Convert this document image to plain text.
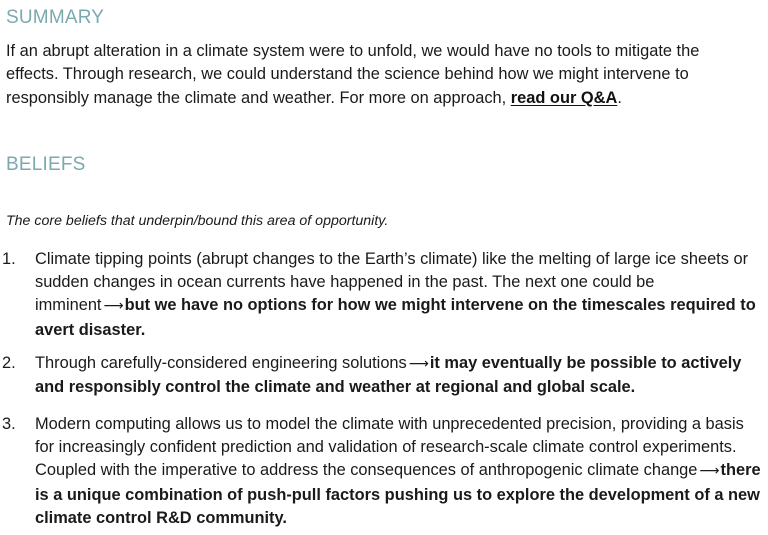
SUMMARY

If an abrupt alteration in a climate system were to unfold, we would have no tools to mitigate the effects. Through research, we could understand the science behind how we might intervene to responsibly manage the climate and weather. For more on approach, read our Q&A.

BELIEFS

The core beliefs that underpin/bound this area of opportunity.

1.	Climate tipping points (abrupt changes to the Earth’s climate) like the melting of large ice sheets or sudden changes in ocean currents have happened in the past. The next one could be imminent ⟶ but we have no options for how we might intervene on the timescales required to avert disaster.
2.	Through carefully-considered engineering solutions ⟶ it may eventually be possible to actively and responsibly control the climate and weather at regional and global scale.
3.	Modern computing allows us to model the climate with unprecedented precision, providing a basis for increasingly confident prediction and validation of research-scale climate control experiments. Coupled with the imperative to address the consequences of anthropogenic climate change ⟶ there is a unique combination of push-pull factors pushing us to explore the development of a new climate control R&D community.
